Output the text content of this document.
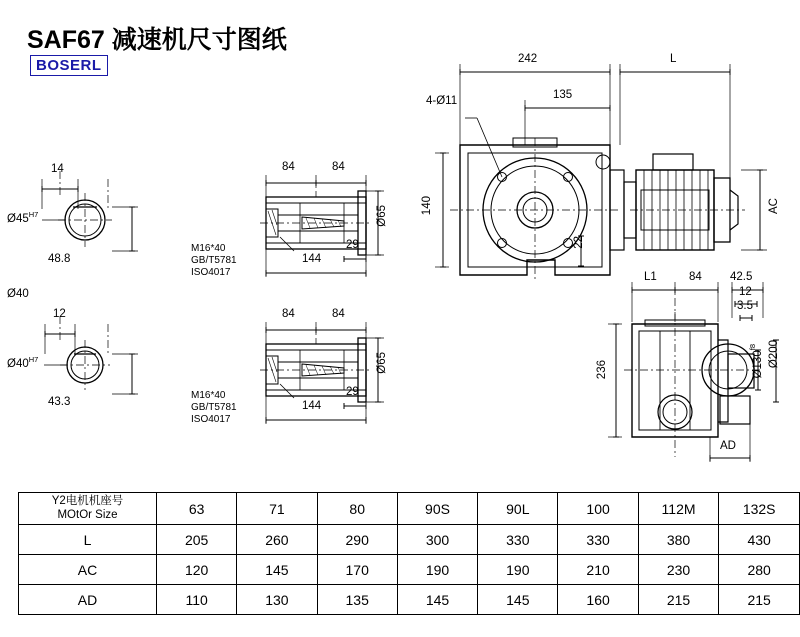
SAF67 减速机尺寸图纸
BOSERL
14
$Ø45^{H7}$
48.8
Ø40
12
$Ø40^{H7}$
43.3
84	84
M16*40
GB/T5781
ISO4017
29
144
Ø65
84	84
M16*40
GB/T5781
ISO4017
29
144
Ø65
242	L
4-Ø11	135
140
22
AC
L1	84 42.5
12
3.5
236	$Ø130^{f8}$ Ø200
AD
Y2电机机座号
MOtOr Size	63	71	80	90S	90L	100	112M	132S
L	205	260	290	300	330	330	380	430
AC	120	145	170	190	190	210	230	280
AD	110	130	135	145	145	160	215	215
